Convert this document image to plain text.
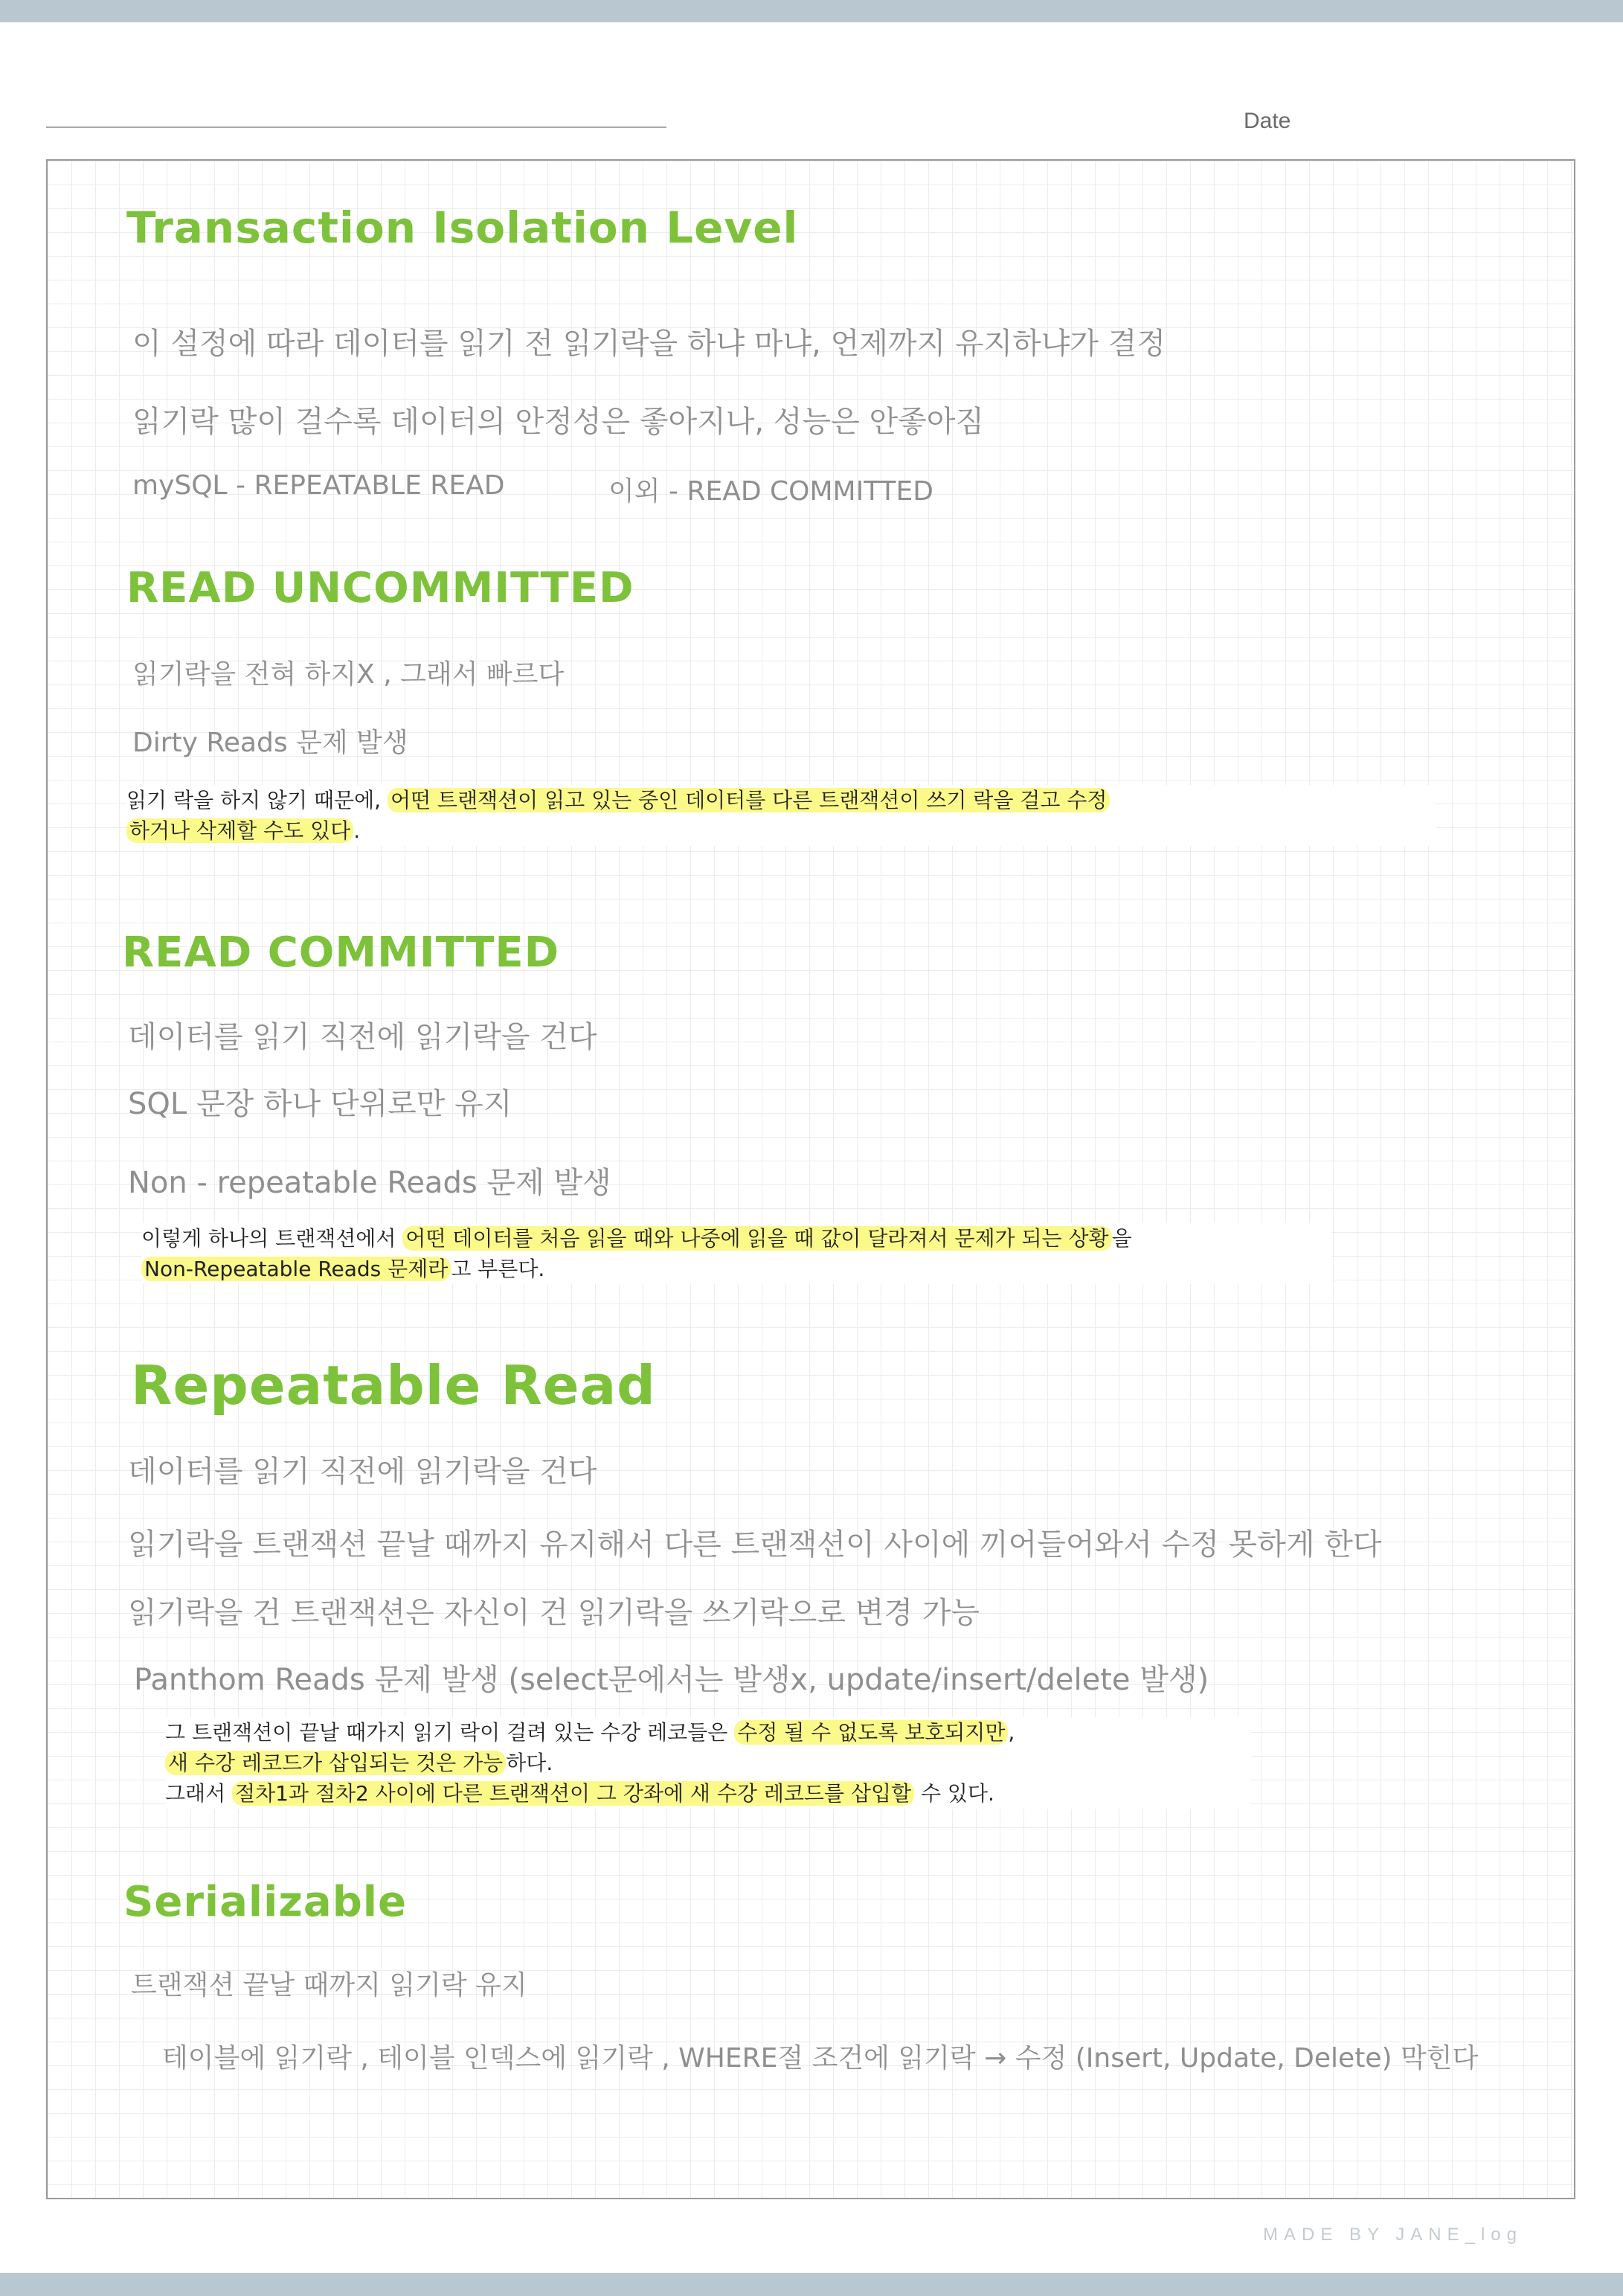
Date
Transaction Isolation Level
이 설정에 따라 데이터를 읽기 전 읽기락을 하냐 마냐, 언제까지 유지하냐가 결정
읽기락 많이 걸수록 데이터의 안정성은 좋아지나, 성능은 안좋아짐
mySQL - REPEATABLE READ	이외 - READ COMMITTED
READ UNCOMMITTED
읽기락을 전혀 하지X , 그래서 빠르다
Dirty Reads 문제 발생
읽기 락을 하지 않기 때문에, 어떤 트랜잭션이 읽고 있는 중인 데이터를 다른 트랜잭션이 쓰기 락을 걸고 수정
하거나 삭제할 수도 있다 .
READ COMMITTED
데이터를 읽기 직전에 읽기락을 건다
SQL 문장 하나 단위로만 유지
Non - repeatable Reads 문제 발생
이렇게 하나의 트랜잭션에서 어떤 데이터를 처음 읽을 때와 나중에 읽을 때 값이 달라져서 문제가 되는 상황 을
Non-Repeatable Reads 문제라 고 부른다.
Repeatable Read
데이터를 읽기 직전에 읽기락을 건다
읽기락을 트랜잭션 끝날 때까지 유지해서 다른 트랜잭션이 사이에 끼어들어와서 수정 못하게 한다
읽기락을 건 트랜잭션은 자신이 건 읽기락을 쓰기락으로 변경 가능
Panthom Reads 문제 발생 (select문에서는 발생x, update/insert/delete 발생)
그 트랜잭션이 끝날 때가지 읽기 락이 걸려 있는 수강 레코들은 수정 될 수 없도록 보호되지만 ,
새 수강 레코드가 삽입되는 것은 가능 하다.
그래서 절차1과 절차2 사이에 다른 트랜잭션이 그 강좌에 새 수강 레코드를 삽입할 수 있다.
Serializable
트랜잭션 끝날 때까지 읽기락 유지
테이블에 읽기락 , 테이블 인덱스에 읽기락 , WHERE절 조건에 읽기락 → 수정 (Insert, Update, Delete) 막힌다
MADE BY JANE_log
